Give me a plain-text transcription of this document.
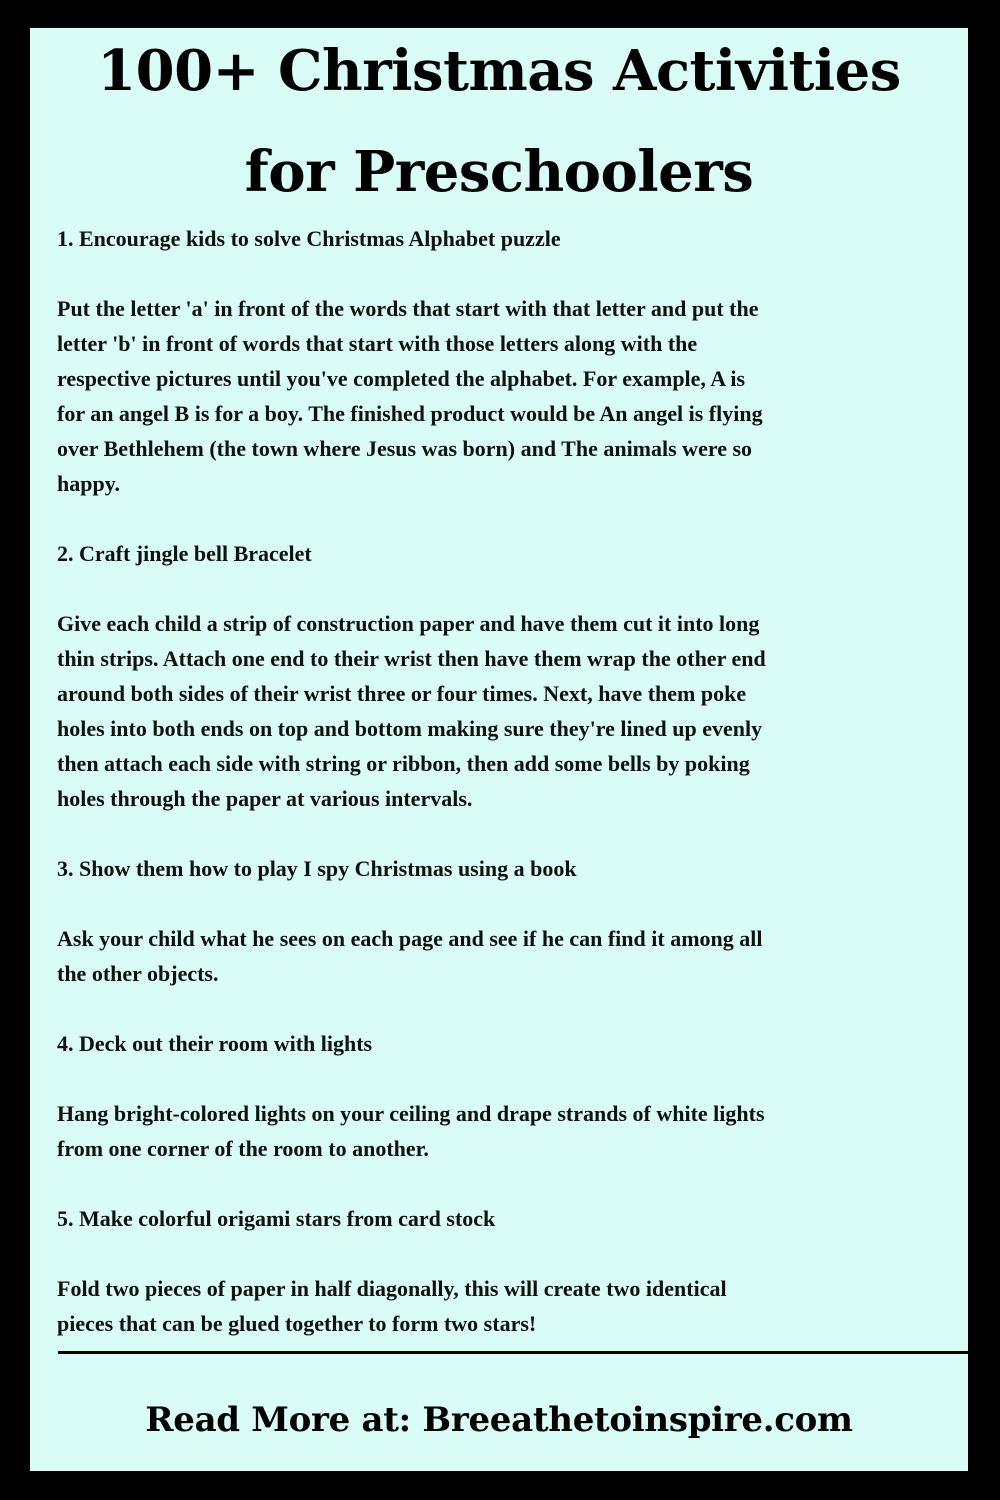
100+ Christmas Activities
for Preschoolers

1. Encourage kids to solve Christmas Alphabet puzzle

Put the letter 'a' in front of the words that start with that letter and put the
letter 'b' in front of words that start with those letters along with the
respective pictures until you've completed the alphabet. For example, A is
for an angel B is for a boy. The finished product would be An angel is flying
over Bethlehem (the town where Jesus was born) and The animals were so
happy.

2. Craft jingle bell Bracelet

Give each child a strip of construction paper and have them cut it into long
thin strips. Attach one end to their wrist then have them wrap the other end
around both sides of their wrist three or four times. Next, have them poke
holes into both ends on top and bottom making sure they're lined up evenly
then attach each side with string or ribbon, then add some bells by poking
holes through the paper at various intervals.

3. Show them how to play I spy Christmas using a book

Ask your child what he sees on each page and see if he can find it among all
the other objects.

4. Deck out their room with lights

Hang bright-colored lights on your ceiling and drape strands of white lights
from one corner of the room to another.

5. Make colorful origami stars from card stock

Fold two pieces of paper in half diagonally, this will create two identical
pieces that can be glued together to form two stars!

Read More at: Breeathetoinspire.com
